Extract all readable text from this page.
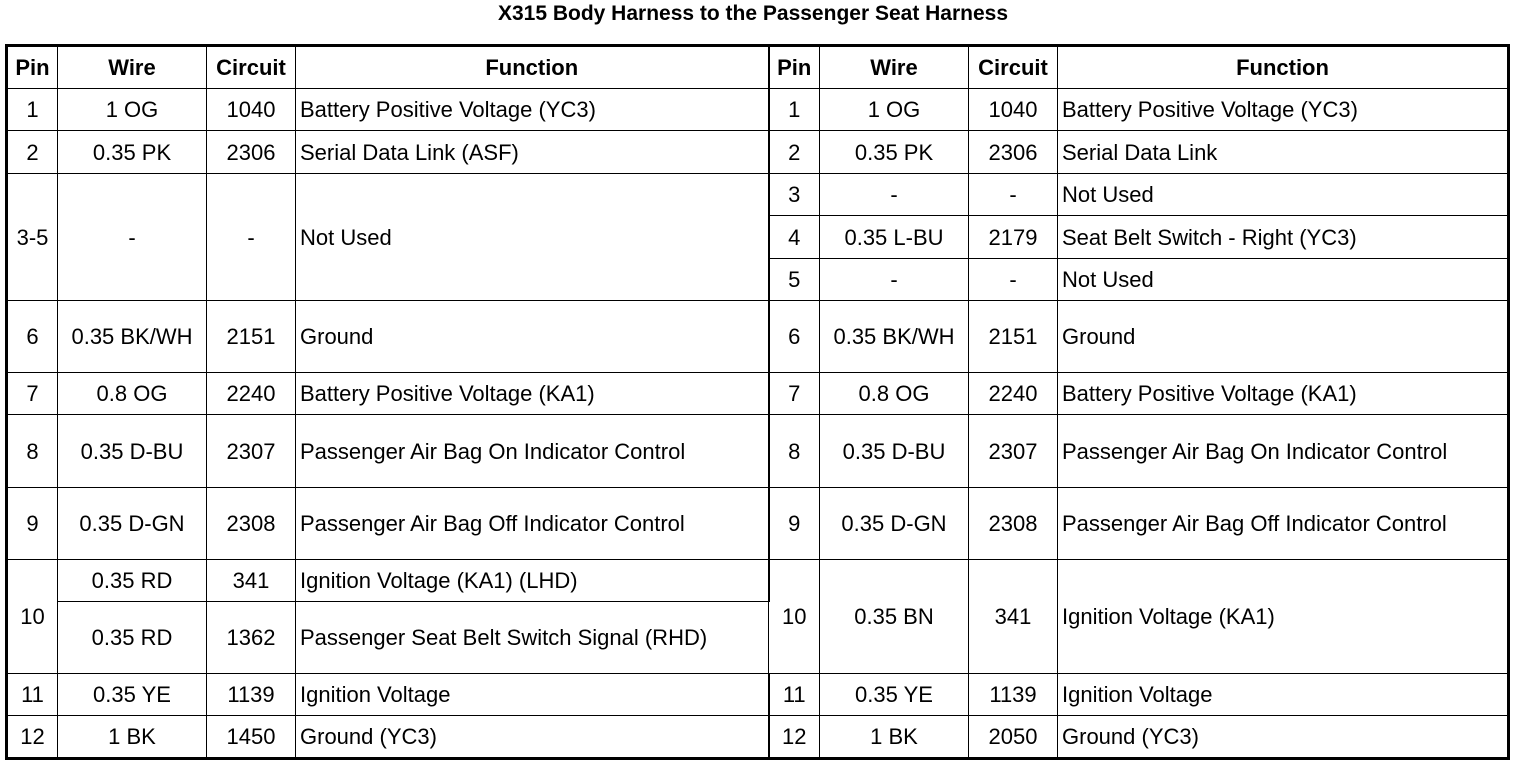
X315 Body Harness to the Passenger Seat Harness
Pin	Wire	Circuit	Function	Pin	Wire	Circuit	Function
1	1 OG	1040	Battery Positive Voltage (YC3)	1	1 OG	1040	Battery Positive Voltage (YC3)
2	0.35 PK	2306	Serial Data Link (ASF)	2	0.35 PK	2306	Serial Data Link
3-5	-	-	Not Used	3	-	-	Not Used
				4	0.35 L-BU	2179	Seat Belt Switch - Right (YC3)
				5	-	-	Not Used
6	0.35 BK/WH	2151	Ground	6	0.35 BK/WH	2151	Ground
7	0.8 OG	2240	Battery Positive Voltage (KA1)	7	0.8 OG	2240	Battery Positive Voltage (KA1)
8	0.35 D-BU	2307	Passenger Air Bag On Indicator Control	8	0.35 D-BU	2307	Passenger Air Bag On Indicator Control
9	0.35 D-GN	2308	Passenger Air Bag Off Indicator Control	9	0.35 D-GN	2308	Passenger Air Bag Off Indicator Control
10	0.35 RD	341	Ignition Voltage (KA1) (LHD)	10	0.35 BN	341	Ignition Voltage (KA1)
	0.35 RD	1362	Passenger Seat Belt Switch Signal (RHD)				
11	0.35 YE	1139	Ignition Voltage	11	0.35 YE	1139	Ignition Voltage
12	1 BK	1450	Ground (YC3)	12	1 BK	2050	Ground (YC3)
